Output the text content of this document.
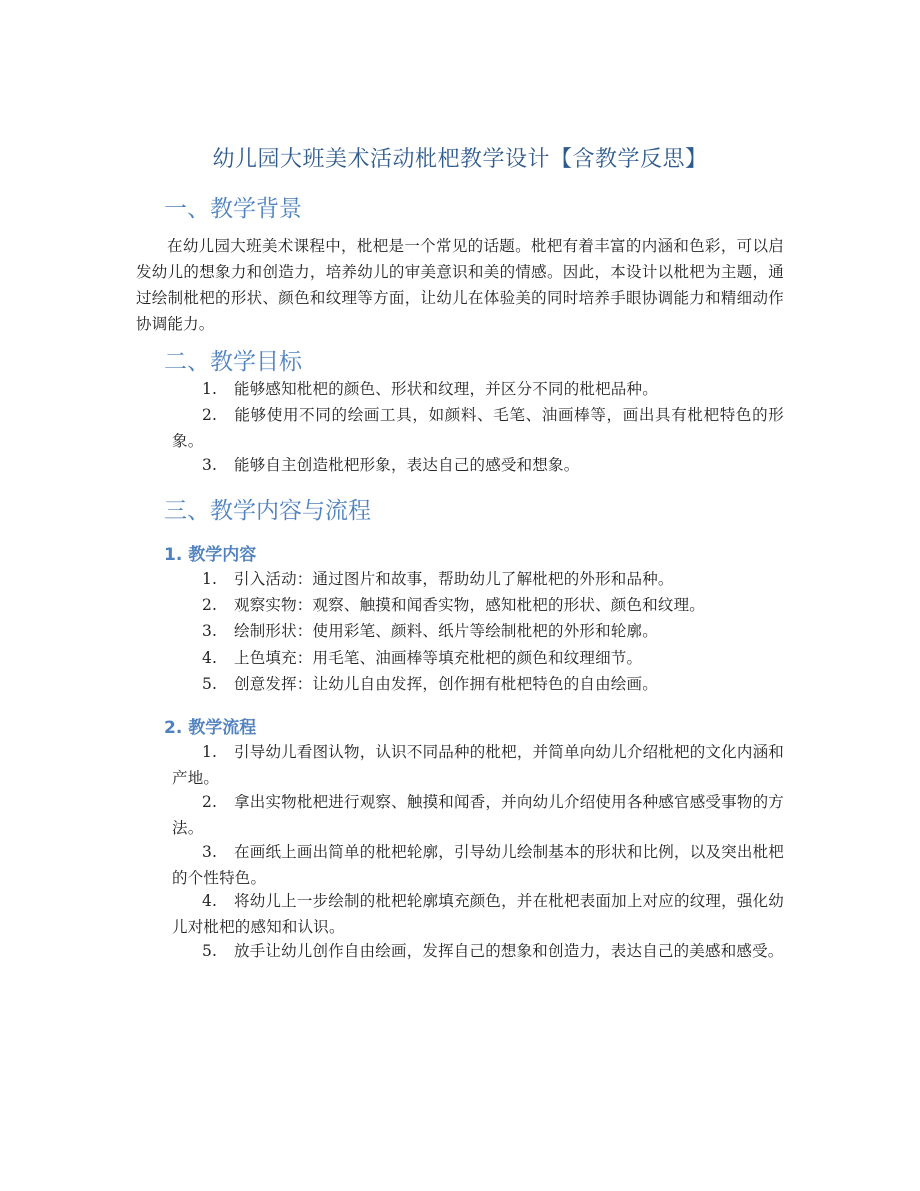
幼儿园大班美术活动枇杷教学设计【含教学反思】
一、教学背景

在幼儿园大班美术课程中，枇杷是一个常见的话题。枇杷有着丰富的内涵和色彩，可以启发幼儿的想象力和创造力，培养幼儿的审美意识和美的情感。因此，本设计以枇杷为主题，通过绘制枇杷的形状、颜色和纹理等方面，让幼儿在体验美的同时培养手眼协调能力和精细动作协调能力。

二、教学目标

1. 能够感知枇杷的颜色、形状和纹理，并区分不同的枇杷品种。

2. 能够使用不同的绘画工具，如颜料、毛笔、油画棒等，画出具有枇杷特色的形象。

3. 能够自主创造枇杷形象，表达自己的感受和想象。

三、教学内容与流程
1. 教学内容

1. 引入活动：通过图片和故事，帮助幼儿了解枇杷的外形和品种。

2. 观察实物：观察、触摸和闻香实物，感知枇杷的形状、颜色和纹理。

3. 绘制形状：使用彩笔、颜料、纸片等绘制枇杷的外形和轮廓。

4. 上色填充：用毛笔、油画棒等填充枇杷的颜色和纹理细节。

5. 创意发挥：让幼儿自由发挥，创作拥有枇杷特色的自由绘画。

2. 教学流程

1. 引导幼儿看图认物，认识不同品种的枇杷，并简单向幼儿介绍枇杷的文化内涵和产地。

2. 拿出实物枇杷进行观察、触摸和闻香，并向幼儿介绍使用各种感官感受事物的方法。

3. 在画纸上画出简单的枇杷轮廓，引导幼儿绘制基本的形状和比例，以及突出枇杷的个性特色。

4. 将幼儿上一步绘制的枇杷轮廓填充颜色，并在枇杷表面加上对应的纹理，强化幼儿对枇杷的感知和认识。

5. 放手让幼儿创作自由绘画，发挥自己的想象和创造力，表达自己的美感和感受。
